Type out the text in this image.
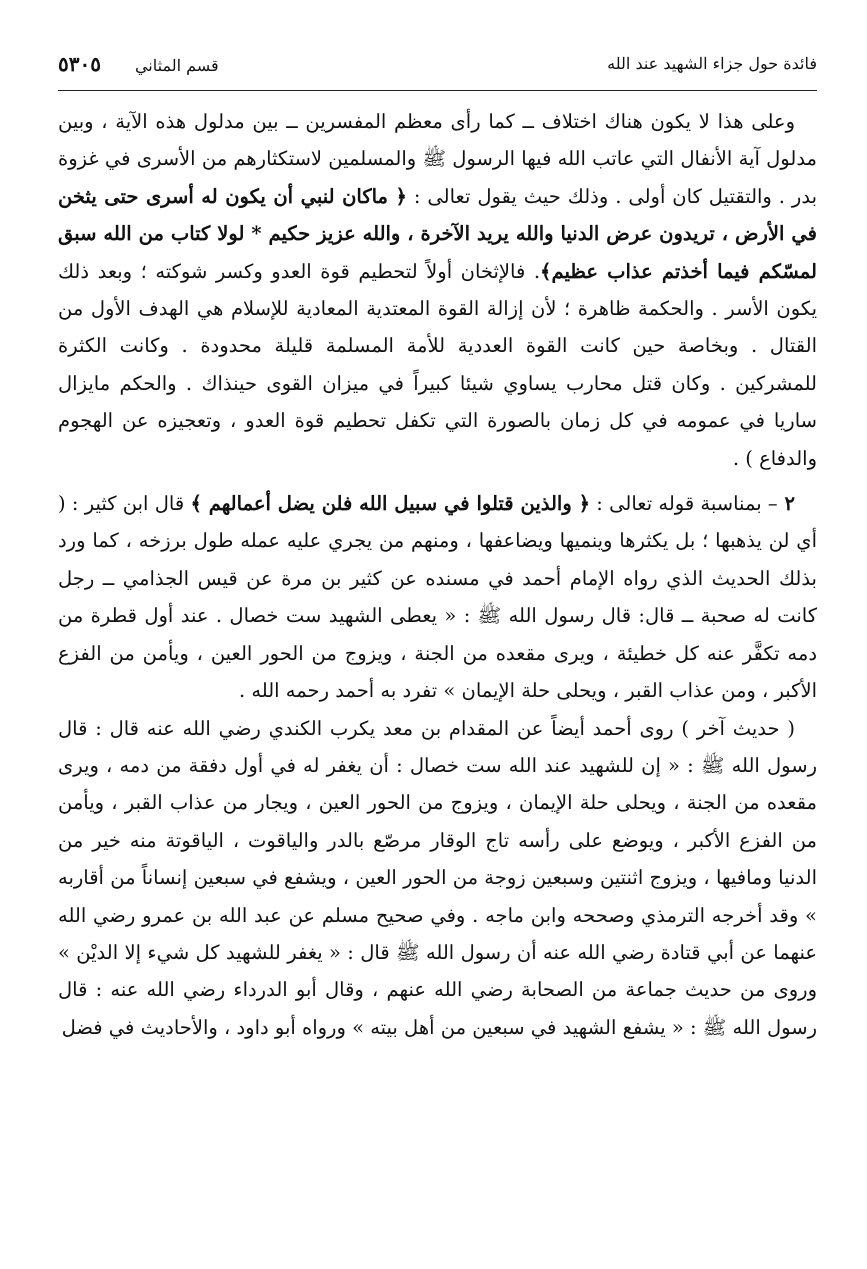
فائدة حول جزاء الشهيد عند الله
قسم المثاني
٥٣٠٥

وعلى هذا لا يكون هناك اختلاف ــ كما رأى معظم المفسرين ــ بين مدلول هذه الآية ، وبين مدلول آية الأنفال التي عاتب الله فيها الرسول ﷺ والمسلمين لاستكثارهم من الأسرى في غزوة بدر . والتقتيل كان أولى . وذلك حيث يقول تعالى : ﴿ ماكان لنبي أن يكون له أسرى حتى يثخن في الأرض ، تريدون عرض الدنيا والله يريد الآخرة ، والله عزيز حكيم * لولا كتاب من الله سبق لمسّكم فيما أخذتم عذاب عظيم﴾. فالإثخان أولاً لتحطيم قوة العدو وكسر شوكته ؛ وبعد ذلك يكون الأسر . والحكمة ظاهرة ؛ لأن إزالة القوة المعتدية المعادية للإسلام هي الهدف الأول من القتال . وبخاصة حين كانت القوة العددية للأمة المسلمة قليلة محدودة . وكانت الكثرة للمشركين . وكان قتل محارب يساوي شيئا كبيراً في ميزان القوى حينذاك . والحكم مايزال ساريا في عمومه في كل زمان بالصورة التي تكفل تحطيم قوة العدو ، وتعجيزه عن الهجوم والدفاع ) .

٢ – بمناسبة قوله تعالى : ﴿ والذين قتلوا في سبيل الله فلن يضل أعمالهم ﴾ قال ابن كثير : ( أي لن يذهبها ؛ بل يكثرها وينميها ويضاعفها ، ومنهم من يجري عليه عمله طول برزخه ، كما ورد بذلك الحديث الذي رواه الإمام أحمد في مسنده عن كثير بن مرة عن قيس الجذامي ــ رجل كانت له صحبة ــ قال: قال رسول الله ﷺ : « يعطى الشهيد ست خصال . عند أول قطرة من دمه تكفَّر عنه كل خطيئة ، ويرى مقعده من الجنة ، ويزوج من الحور العين ، ويأمن من الفزع الأكبر ، ومن عذاب القبر ، ويحلى حلة الإيمان » تفرد به أحمد رحمه الله .

( حديث آخر ) روى أحمد أيضاً عن المقدام بن معد يكرب الكندي رضي الله عنه قال : قال رسول الله ﷺ : « إن للشهيد عند الله ست خصال : أن يغفر له في أول دفقة من دمه ، ويرى مقعده من الجنة ، ويحلى حلة الإيمان ، ويزوج من الحور العين ، ويجار من عذاب القبر ، ويأمن من الفزع الأكبر ، ويوضع على رأسه تاج الوقار مرصّع بالدر والياقوت ، الياقوتة منه خير من الدنيا ومافيها ، ويزوج اثنتين وسبعين زوجة من الحور العين ، ويشفع في سبعين إنساناً من أقاربه » وقد أخرجه الترمذي وصححه وابن ماجه . وفي صحيح مسلم عن عبد الله بن عمرو رضي الله عنهما عن أبي قتادة رضي الله عنه أن رسول الله ﷺ قال : « يغفر للشهيد كل شيء إلا الديْن » وروى من حديث جماعة من الصحابة رضي الله عنهم ، وقال أبو الدرداء رضي الله عنه : قال رسول الله ﷺ : « يشفع الشهيد في سبعين من أهل بيته » ورواه أبو داود ، والأحاديث في فضل
